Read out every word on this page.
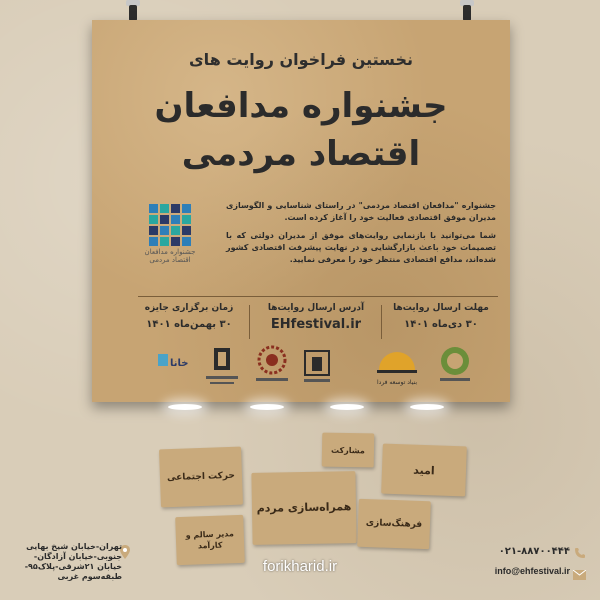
نخستین فراخوان روایت های
جشنواره مدافعان
اقتصاد مردمی
جشنواره مدافعان اقتصاد مردمی

جشنواره "مدافعان اقتصاد مردمی" در راستای شناسایی و الگوسازی مدیران موفق اقتصادی فعالیت خود را آغاز کرده است.

شما می‌توانید با بازنمایی روایت‌های موفق از مدیران دولتی که با تصمیمات خود باعث بازارگشایی و در نهایت پیشرفت اقتصادی کشور شده‌اند، مدافع اقتصادی منتظر خود را معرفی نمایید.

مهلت ارسال روایت‌ها
۳۰ دی‌ماه ۱۴۰۱
آدرس ارسال روایت‌ها
EHfestival.ir
زمان برگزاری جایزه
۳۰ بهمن‌ماه ۱۴۰۱
خانا
بنیاد توسعه فردا
حرکت اجتماعی
مشارکت
امید
همراه‌سازی مردم
فرهنگ‌سازی
مدیر سالم و کارآمد
تهران-خیابان شیخ بهایی جنوبی-خیابان آزادگان-خیابان ۲۱شرقی-پلاک۹۵-طبقه‌سوم غربی
۰۲۱-۸۸۷۰۰۴۴۴
info@ehfestival.ir
forikharid.ir
